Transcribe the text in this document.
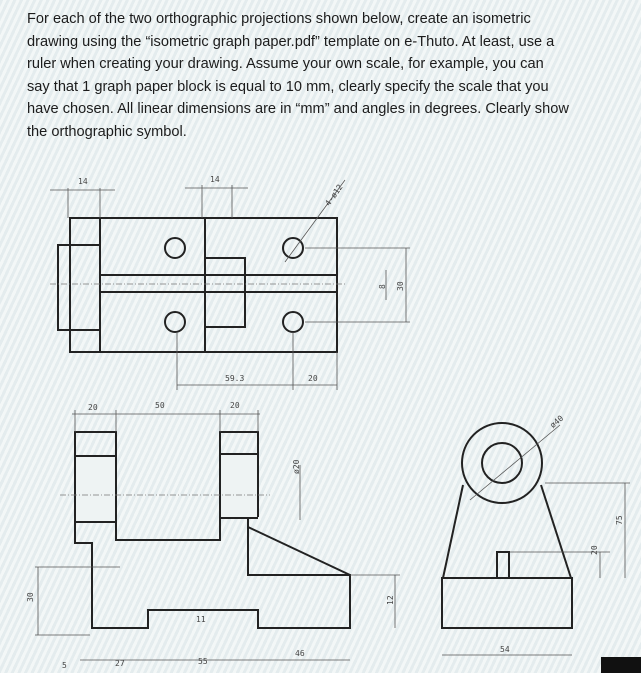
For each of the two orthographic projections shown below, create an isometric
drawing using the “isometric graph paper.pdf” template on e-Thuto. At least, use a
ruler when creating your drawing. Assume your own scale, for example, you can
say that 1 graph paper block is equal to 10 mm, clearly specify the scale that you
have chosen. All linear dimensions are in “mm” and angles in degrees. Clearly show
the orthographic symbol.
14	14
4-ø12
8 30
59.3	20
20	50	20
ø20
30	12
11
5	27	55
46
ø40
20
75
54
